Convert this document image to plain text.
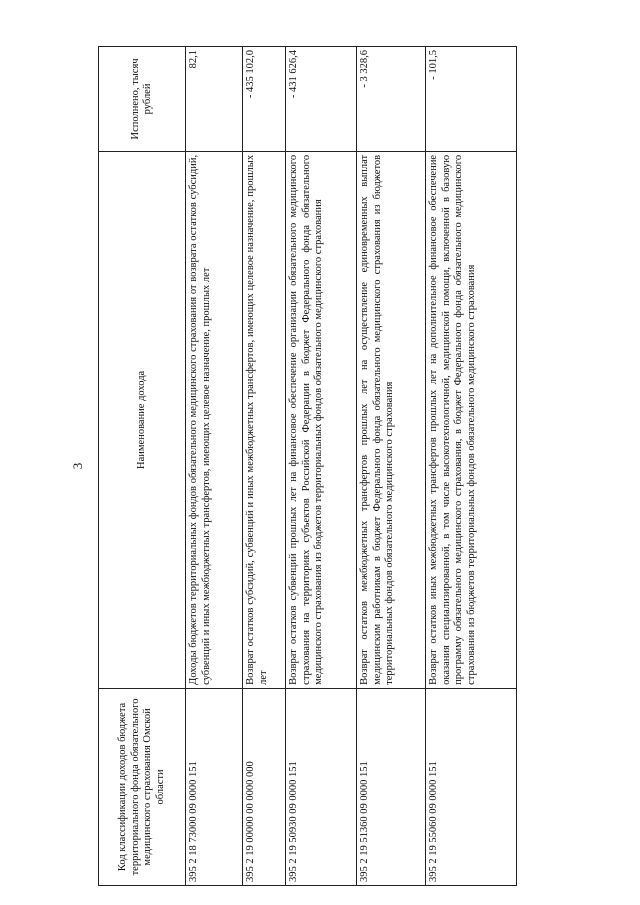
3
Код классификации доходов бюджета территориального фонда обязательного медицинского страхования Омской области	Наименование дохода	Исполнено, тысяч рублей
395 2 18 73000 09 0000 151	Доходы бюджетов территориальных фондов обязательного медицинского страхования от возврата остатков субсидий, субвенций и иных межбюджетных трансфертов, имеющих целевое назначение, прошлых лет	82,1
395 2 19 00000 00 0000 000	Возврат остатков субсидий, субвенций и иных межбюджетных трансфертов, имеющих целевое назначение, прошлых лет	- 435 102,0
395 2 19 50930 09 0000 151	Возврат остатков субвенций прошлых лет на финансовое обеспечение организации обязательного медицинского страхования на территориях субъектов Российской Федерации в бюджет Федерального фонда обязательного медицинского страхования из бюджетов территориальных фондов обязательного медицинского страхования	- 431 626,4
395 2 19 51360 09 0000 151	Возврат остатков межбюджетных трансфертов прошлых лет на осуществление единовременных выплат медицинским работникам в бюджет Федерального фонда обязательного медицинского страхования из бюджетов территориальных фондов обязательного медицинского страхования	- 3 328,6
395 2 19 55060 09 0000 151	Возврат остатков иных межбюджетных трансфертов прошлых лет на дополнительное финансовое обеспечение оказания специализированной, в том числе высокотехнологичной, медицинской помощи, включенной в базовую программу обязательного медицинского страхования, в бюджет Федерального фонда обязательного медицинского страхования из бюджетов территориальных фондов обязательного медицинского страхования	- 101,5
